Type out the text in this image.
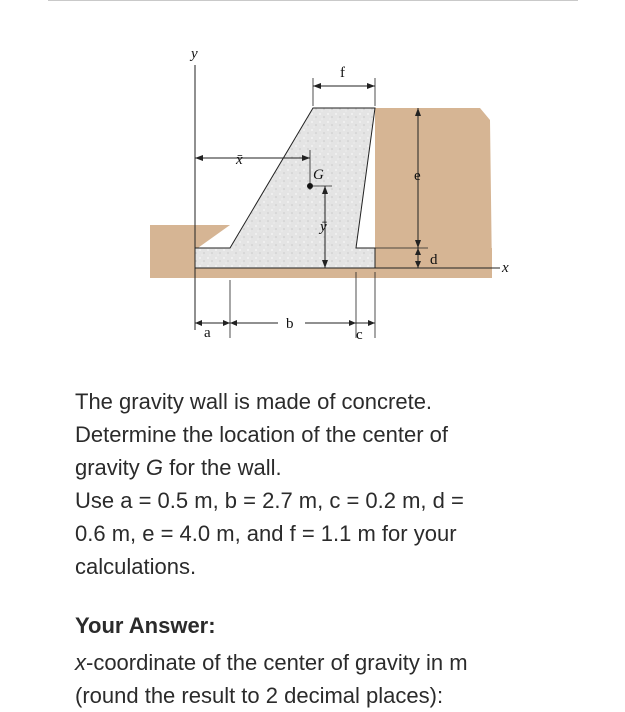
y
x
x̄
G
ȳ
f
e
d
a
b
c

The gravity wall is made of concrete.

Determine the location of the center of

gravity G for the wall.

Use a = 0.5 m, b = 2.7 m, c = 0.2 m, d =

0.6 m, e = 4.0 m, and f = 1.1 m for your

calculations.

Your Answer:
x-coordinate of the center of gravity in m
(round the result to 2 decimal places):
